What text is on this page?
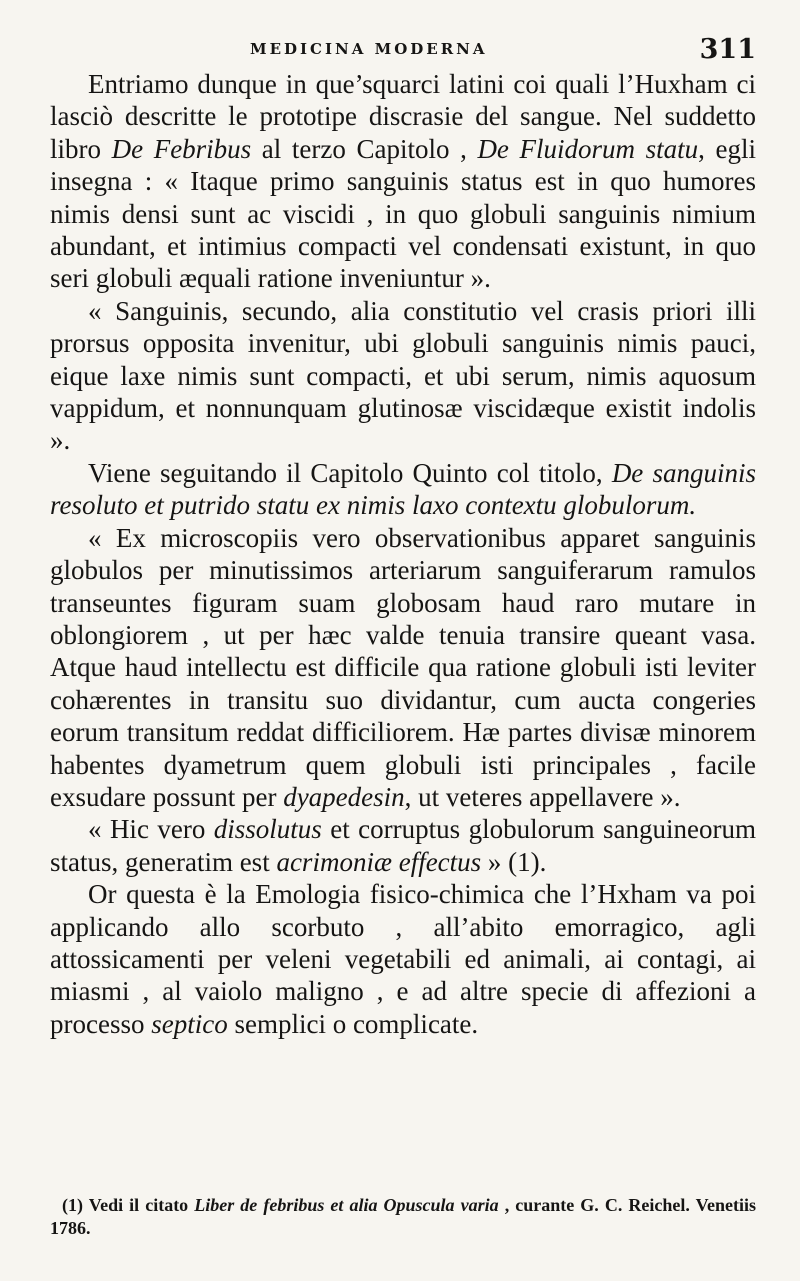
MEDICINA MODERNA	311

Entriamo dunque in que’squarci latini coi quali l’Huxham ci lasciò descritte le prototipe discrasie del sangue. Nel suddetto libro De Febribus al terzo Capitolo , De Fluidorum statu, egli insegna : « Itaque primo sanguinis status est in quo humores nimis densi sunt ac viscidi , in quo globuli sanguinis nimium abundant, et intimius compacti vel condensati existunt, in quo seri globuli æquali ratione inveniuntur ».

« Sanguinis, secundo, alia constitutio vel crasis priori illi prorsus opposita invenitur, ubi globuli sanguinis nimis pauci, eique laxe nimis sunt compacti, et ubi serum, nimis aquosum vappidum, et nonnunquam glutinosæ viscidæque existit indolis ».

Viene seguitando il Capitolo Quinto col titolo, De sanguinis resoluto et putrido statu ex nimis laxo contextu globulorum.

« Ex microscopiis vero observationibus apparet sanguinis globulos per minutissimos arteriarum sanguiferarum ramulos transeuntes figuram suam globosam haud raro mutare in oblongiorem , ut per hæc valde tenuia transire queant vasa. Atque haud intellectu est difficile qua ratione globuli isti leviter cohærentes in transitu suo dividantur, cum aucta congeries eorum transitum reddat difficiliorem. Hæ partes divisæ minorem habentes dyametrum quem globuli isti principales , facile exsudare possunt per dyapedesin, ut veteres appellavere ».

« Hic vero dissolutus et corruptus globulorum sanguineorum status, generatim est acrimoniæ effectus » (1).

Or questa è la Emologia fisico-chimica che l’Hxham va poi applicando allo scorbuto , all’abito emorragico, agli attossicamenti per veleni vegetabili ed animali, ai contagi, ai miasmi , al vaiolo maligno , e ad altre specie di affezioni a processo septico semplici o complicate.

(1) Vedi il citato Liber de febribus et alia Opuscula varia , curante G. C. Reichel. Venetiis 1786.
